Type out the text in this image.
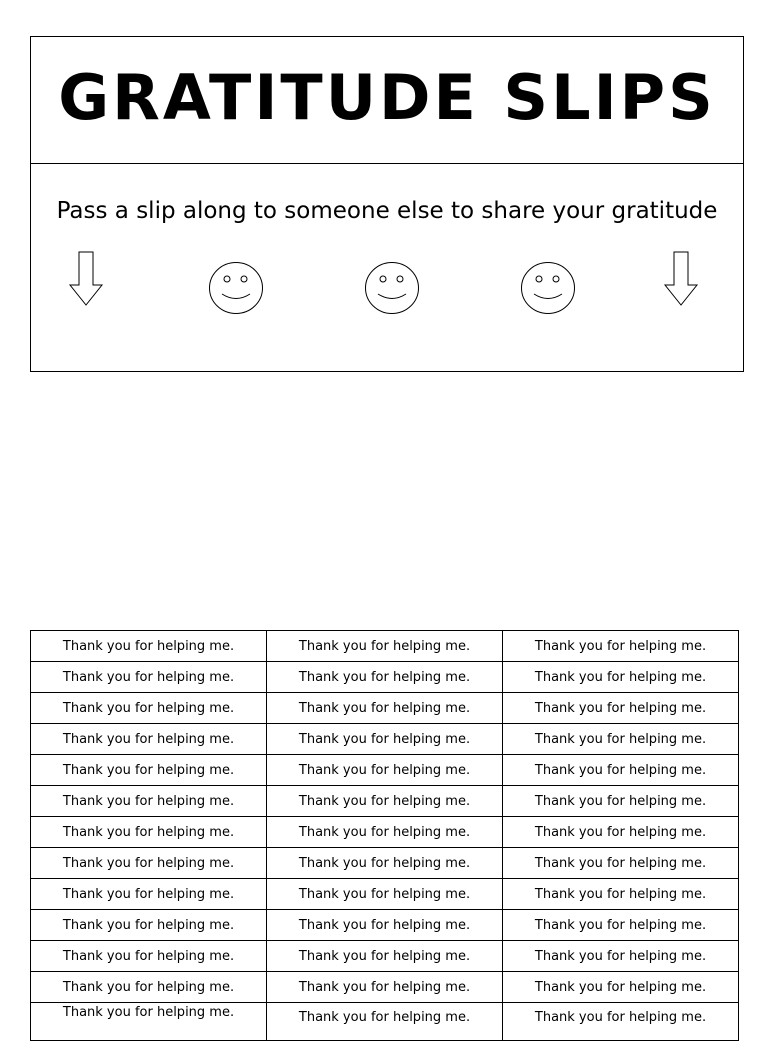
GRATITUDE SLIPS
Pass a slip along to someone else to share your gratitude
Thank you for helping me.	Thank you for helping me.	Thank you for helping me.
Thank you for helping me.	Thank you for helping me.	Thank you for helping me.
Thank you for helping me.	Thank you for helping me.	Thank you for helping me.
Thank you for helping me.	Thank you for helping me.	Thank you for helping me.
Thank you for helping me.	Thank you for helping me.	Thank you for helping me.
Thank you for helping me.	Thank you for helping me.	Thank you for helping me.
Thank you for helping me.	Thank you for helping me.	Thank you for helping me.
Thank you for helping me.	Thank you for helping me.	Thank you for helping me.
Thank you for helping me.	Thank you for helping me.	Thank you for helping me.
Thank you for helping me.	Thank you for helping me.	Thank you for helping me.
Thank you for helping me.	Thank you for helping me.	Thank you for helping me.
Thank you for helping me.	Thank you for helping me.	Thank you for helping me.
Thank you for helping me.	Thank you for helping me.	Thank you for helping me.
